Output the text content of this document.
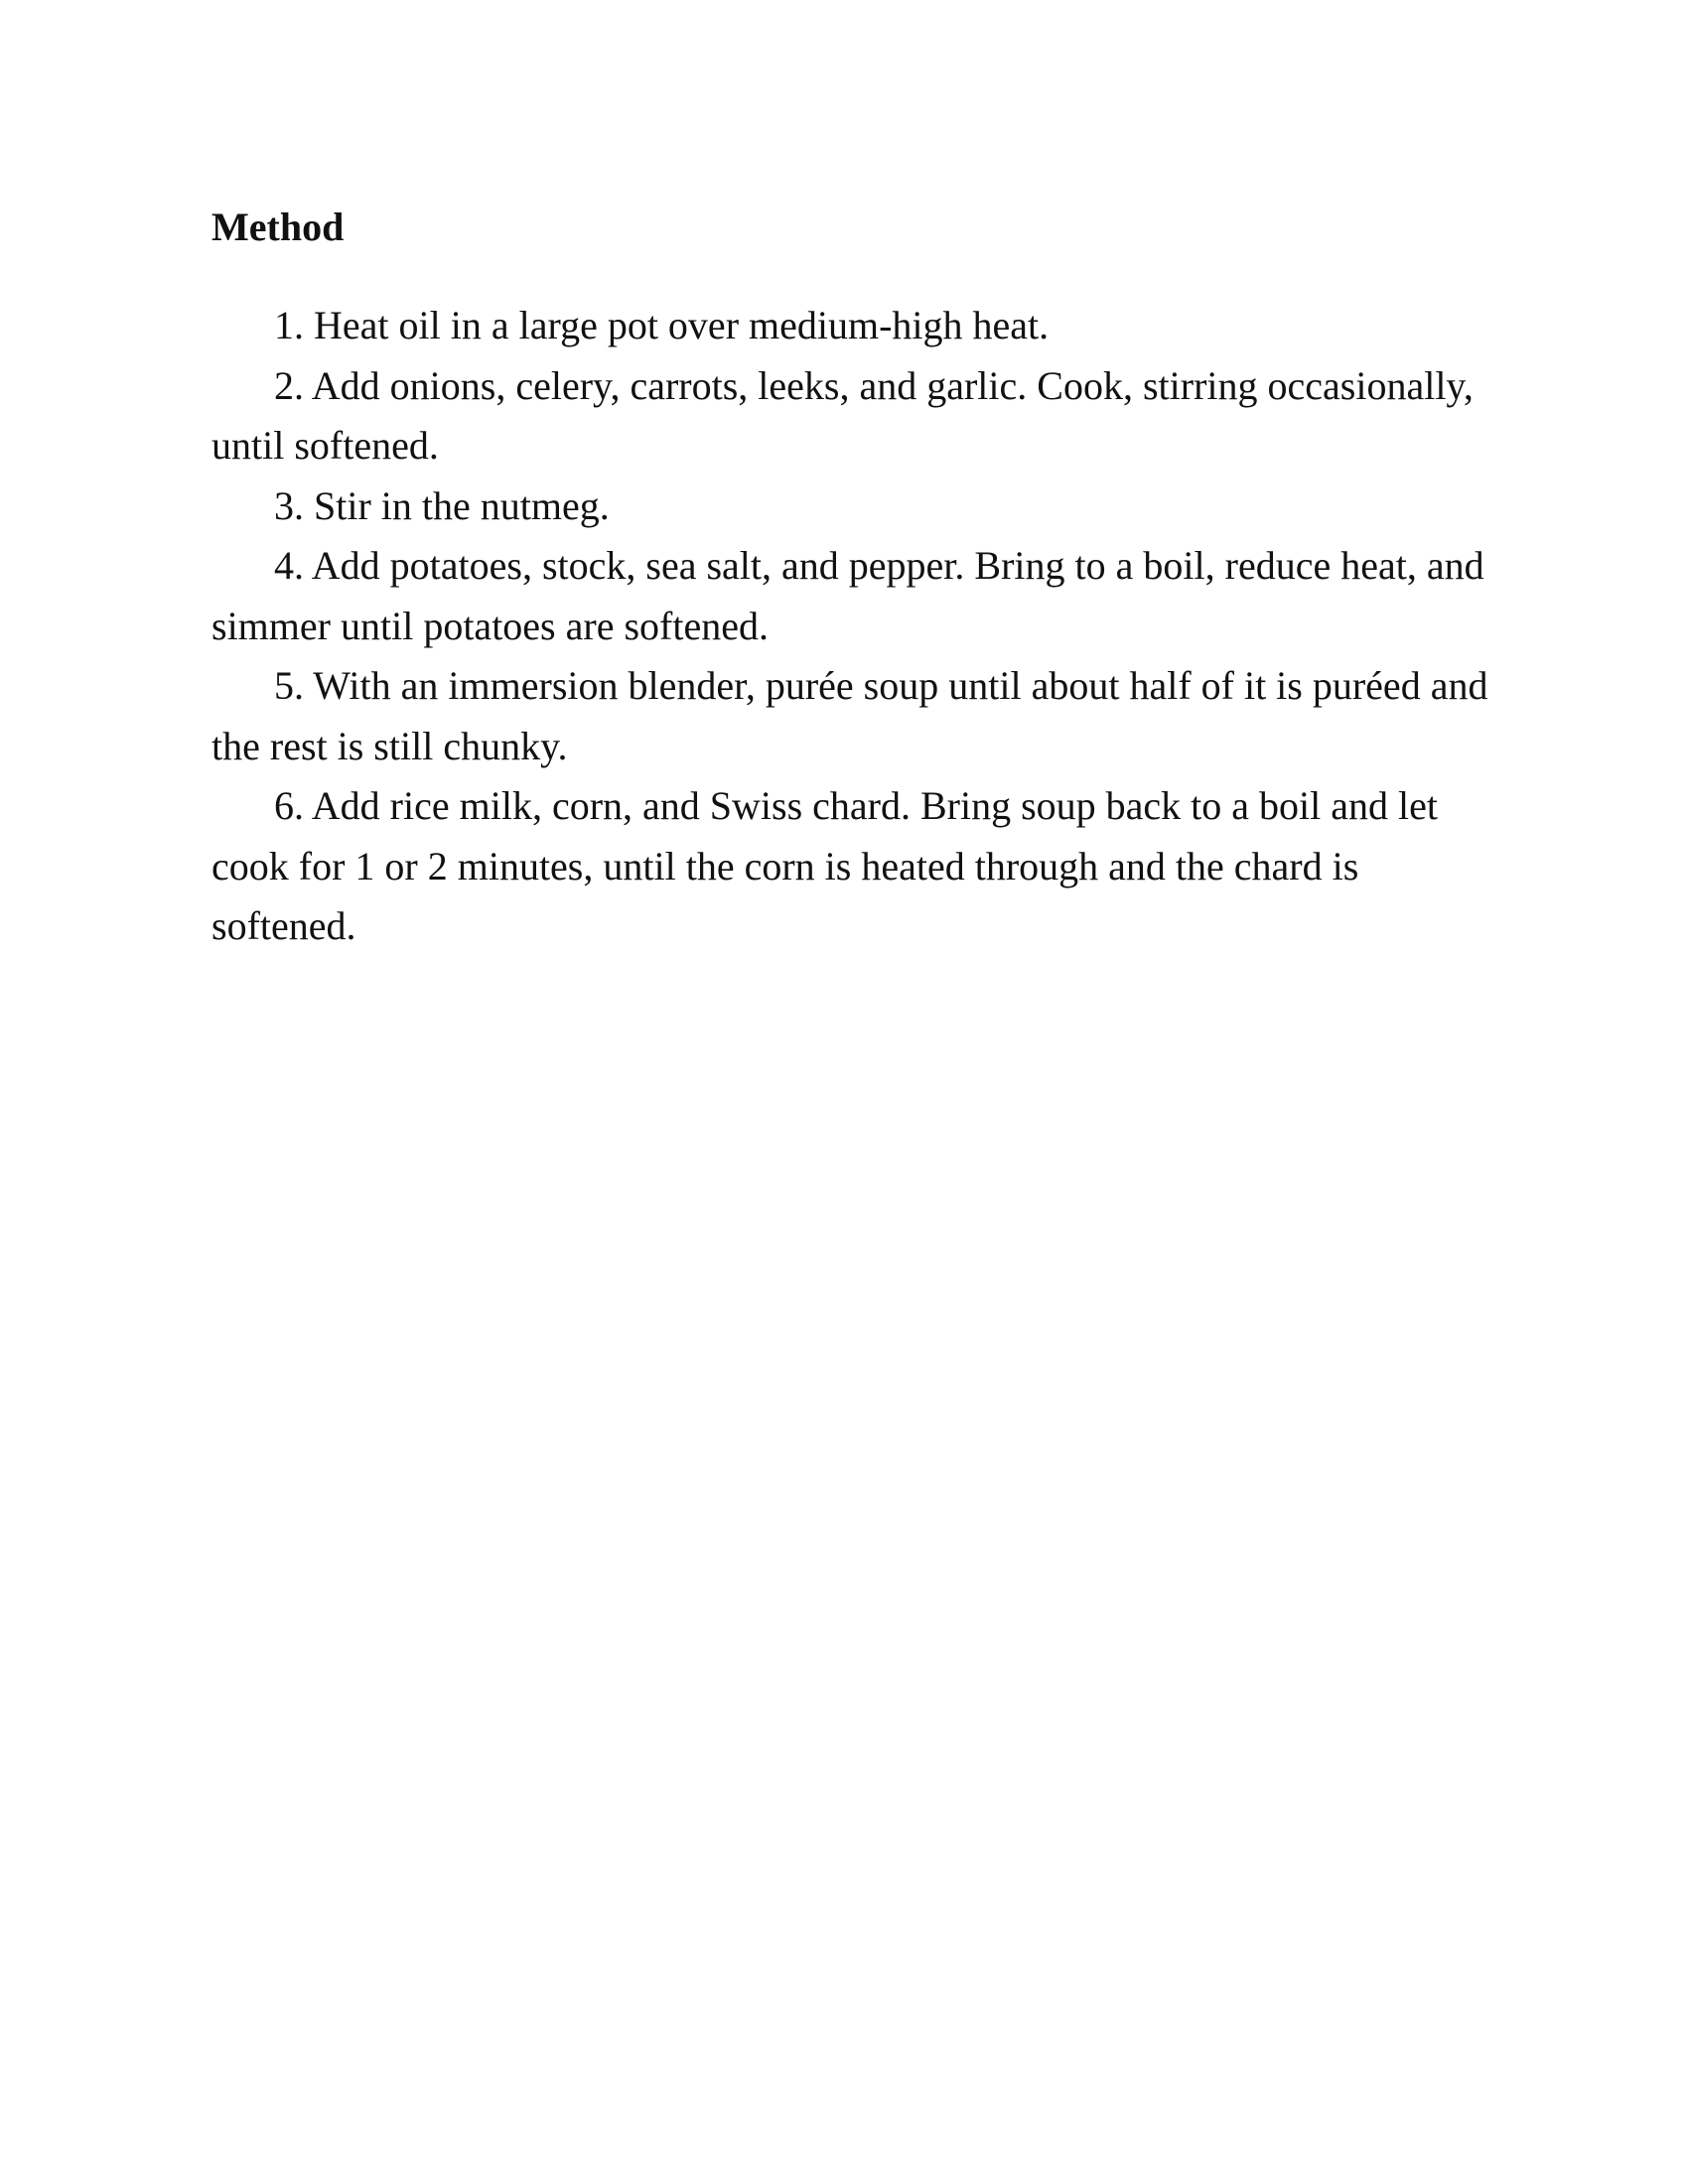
Method
1. Heat oil in a large pot over medium-high heat.
2. Add onions, celery, carrots, leeks, and garlic. Cook, stirring occasionally, until softened.
3. Stir in the nutmeg.
4. Add potatoes, stock, sea salt, and pepper. Bring to a boil, reduce heat, and simmer until potatoes are softened.
5. With an immersion blender, purée soup until about half of it is puréed and the rest is still chunky.
6. Add rice milk, corn, and Swiss chard. Bring soup back to a boil and let cook for 1 or 2 minutes, until the corn is heated through and the chard is softened.
